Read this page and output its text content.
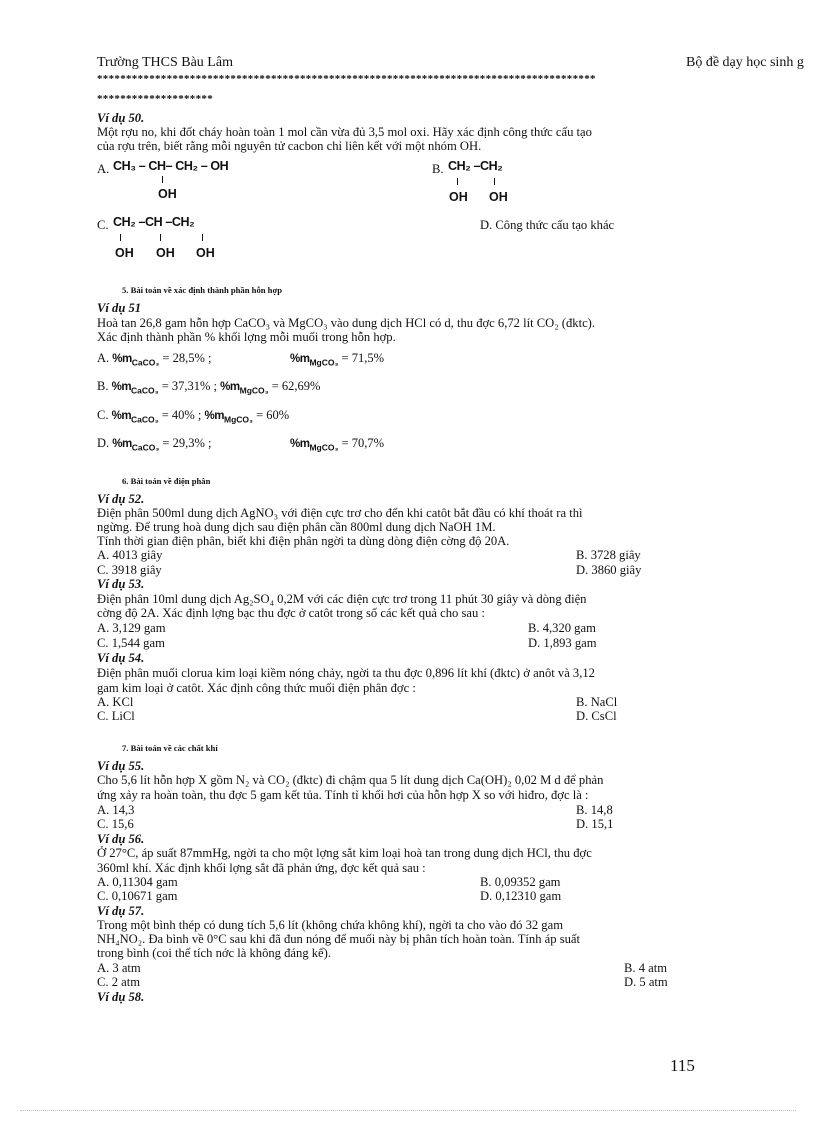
Trường THCS Bàu Lâm	Bộ đề dạy học sinh g
**************************************************************************************
********************
Ví dụ 50.
Một rợu no, khi đốt cháy hoàn toàn 1 mol cần vừa đủ 3,5 mol oxi. Hãy xác định công thức cấu tạo
của rợu trên, biết rằng mỗi nguyên tử cacbon chỉ liên kết với một nhóm OH.
A. CH₃ – CH– CH₂ – OH
OH
B. CH₂ –CH₂
OH OH
C. CH₂ –CH –CH₂
OH OH OH
D. Công thức cấu tạo khác
5. Bài toán về xác định thành phần hỗn hợp
Ví dụ 51
Hoà tan 26,8 gam hỗn hợp CaCO₃ và MgCO₃ vào dung dịch HCl có d, thu đợc 6,72 lít CO₂ (đktc).
Xác định thành phần % khối lợng mỗi muối trong hỗn hợp.
A. $\%m_{CaCO_3} = 28,5\%$ ;	$\%m_{MgCO_3} = 71,5\%$
B. $\%m_{CaCO_3} = 37,31\%$ ; $\%m_{MgCO_3} = 62,69\%$
C. $\%m_{CaCO_3} = 40\%$ ; $\%m_{MgCO_3} = 60\%$
D. $\%m_{CaCO_3} = 29,3\%$ ;	$\%m_{MgCO_3} = 70,7\%$
6. Bài toán về điện phân
Ví dụ 52.
Điện phân 500ml dung dịch AgNO₃ với điện cực trơ cho đến khi catôt bắt đầu có khí thoát ra thì
ngừng. Để trung hoà dung dịch sau điện phân cần 800ml dung dịch NaOH 1M.
Tính thời gian điện phân, biết khi điện phân ngời ta dùng dòng điện cờng độ 20A.
A. 4013 giây	B. 3728 giây
C. 3918 giây	D. 3860 giây
Ví dụ 53.
Điện phân 10ml dung dịch Ag₂SO₄ 0,2M với các điện cực trơ trong 11 phút 30 giây và dòng điện
cờng độ 2A. Xác định lợng bạc thu đợc ở catôt trong số các kết quả cho sau :
A. 3,129 gam	B. 4,320 gam
C. 1,544 gam	D. 1,893 gam
Ví dụ 54.
Điện phân muối clorua kim loại kiềm nóng chảy, ngời ta thu đợc 0,896 lít khí (đktc) ở anôt và 3,12
gam kim loại ở catôt. Xác định công thức muối điện phân đợc :
A. KCl	B. NaCl
C. LiCl	D. CsCl
7. Bài toán về các chất khí
Ví dụ 55.
Cho 5,6 lít hỗn hợp X gồm N₂ và CO₂ (đktc) đi chậm qua 5 lít dung dịch Ca(OH)₂ 0,02 M d để phản
ứng xảy ra hoàn toàn, thu đợc 5 gam kết tủa. Tính tỉ khối hơi của hỗn hợp X so với hiđro, đợc là :
A. 14,3	B. 14,8
C. 15,6	D. 15,1
Ví dụ 56.
Ở 27°C, áp suất 87mmHg, ngời ta cho một lợng sắt kim loại hoà tan trong dung dịch HCl, thu đợc
360ml khí. Xác định khối lợng sắt đã phản ứng, đợc kết quả sau :
A. 0,11304 gam	B. 0,09352 gam
C. 0,10671 gam	D. 0,12310 gam
Ví dụ 57.
Trong một bình thép có dung tích 5,6 lít (không chứa không khí), ngời ta cho vào đó 32 gam
NH₄NO₂. Đa bình về 0°C sau khi đã đun nóng để muối này bị phân tích hoàn toàn. Tính áp suất
trong bình (coi thể tích nớc là không đáng kể).
A. 3 atm	B. 4 atm
C. 2 atm	D. 5 atm
Ví dụ 58.
115
